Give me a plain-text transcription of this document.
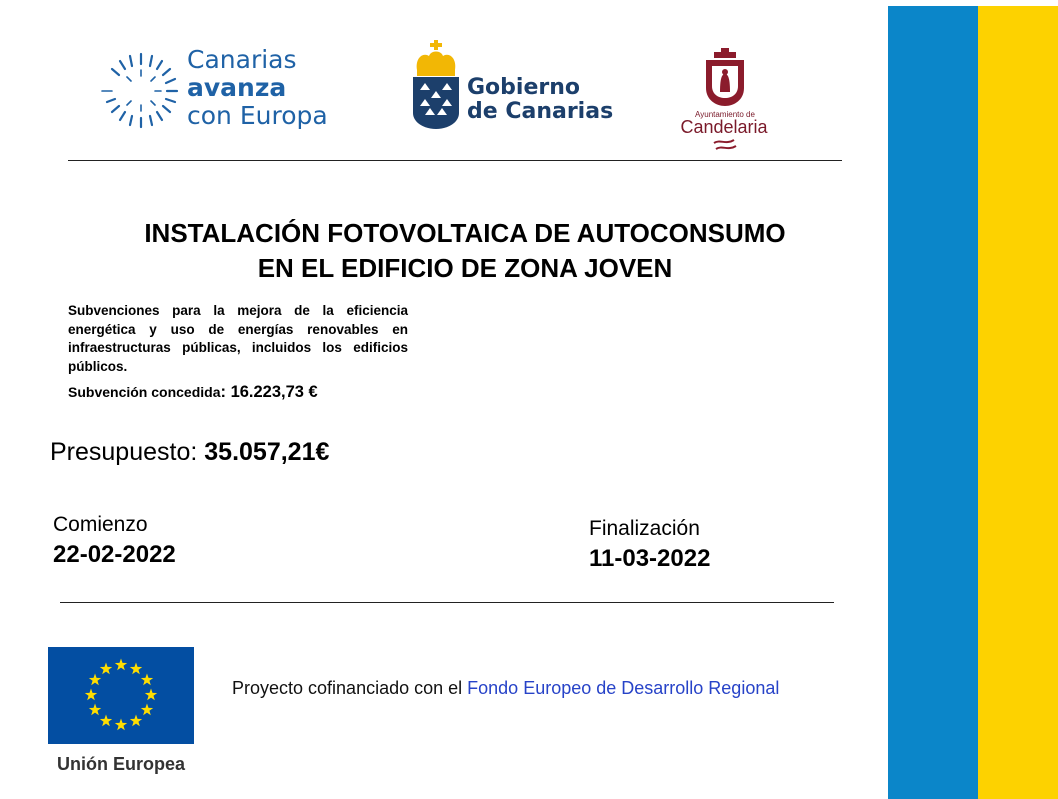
Canarias
avanza
con Europa
Gobierno
de Canarias	Ayuntamiento de
Candelaria
INSTALACIÓN FOTOVOLTAICA DE AUTOCONSUMO
EN EL EDIFICIO DE ZONA JOVEN
Subvenciones para la mejora de la eficiencia energética y uso de energías renovables en infraestructuras públicas, incluidos los edificios públicos.
Subvención concedida: 16.223,73 €
Presupuesto: 35.057,21€
Comienzo
22-02-2022
Finalización
11-03-2022
Unión Europea
Proyecto cofinanciado con el Fondo Europeo de Desarrollo Regional
